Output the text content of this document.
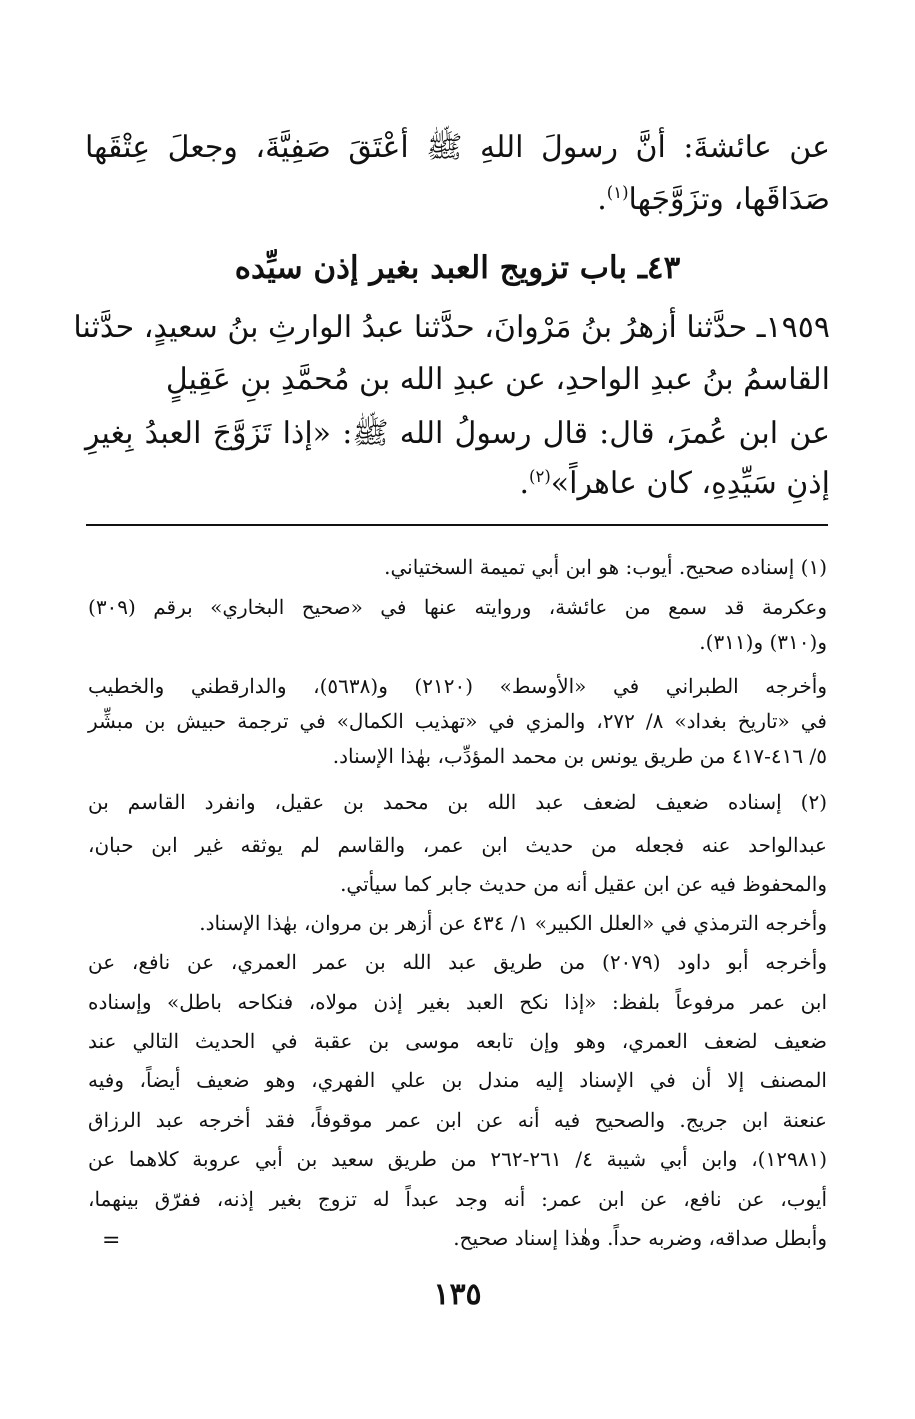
عن عائشةَ: أنَّ رسولَ اللهِ ﷺ أعْتَقَ صَفِيَّةَ، وجعلَ عِتْقَها
صَدَاقَها، وتزَوَّجَها$^{(١)}$.
٤٣ـ باب تزويج العبد بغير إذن سيِّده
١٩٥٩ـ حدَّثنا أزهرُ بنُ مَرْوانَ، حدَّثنا عبدُ الوارثِ بنُ سعيدٍ، حدَّثنا
القاسمُ بنُ عبدِ الواحدِ، عن عبدِ الله بن مُحمَّدِ بنِ عَقِيلٍ
عن ابن عُمرَ، قال: قال رسولُ الله ﷺ: «إذا تَزَوَّجَ العبدُ بِغيرِ
إذنِ سَيِّدِهِ، كان عاهراً»$^{(٢)}$.
(١) إسناده صحيح. أيوب: هو ابن أبي تميمة السختياني.
وعكرمة قد سمع من عائشة، وروايته عنها في «صحيح البخاري» برقم (٣٠٩)
و(٣١٠) و(٣١١).
وأخرجه الطبراني في «الأوسط» (٢١٢٠) و(٥٦٣٨)، والدارقطني والخطيب
في «تاريخ بغداد» ٨/ ٢٧٢، والمزي في «تهذيب الكمال» في ترجمة حبيش بن مبشِّر
٥/ ٤١٦-٤١٧ من طريق يونس بن محمد المؤدِّب، بهٰذا الإسناد.
(٢) إسناده ضعيف لضعف عبد الله بن محمد بن عقيل، وانفرد القاسم بن
عبدالواحد عنه فجعله من حديث ابن عمر، والقاسم لم يوثقه غير ابن حبان،
والمحفوظ فيه عن ابن عقيل أنه من حديث جابر كما سيأتي.
وأخرجه الترمذي في «العلل الكبير» ١/ ٤٣٤ عن أزهر بن مروان، بهٰذا الإسناد.
وأخرجه أبو داود (٢٠٧٩) من طريق عبد الله بن عمر العمري، عن نافع، عن
ابن عمر مرفوعاً بلفظ: «إذا نكح العبد بغير إذن مولاه، فنكاحه باطل» وإسناده
ضعيف لضعف العمري، وهو وإن تابعه موسى بن عقبة في الحديث التالي عند
المصنف إلا أن في الإسناد إليه مندل بن علي الفهري، وهو ضعيف أيضاً، وفيه
عنعنة ابن جريج. والصحيح فيه أنه عن ابن عمر موقوفاً، فقد أخرجه عبد الرزاق
(١٢٩٨١)، وابن أبي شيبة ٤/ ٢٦١-٢٦٢ من طريق سعيد بن أبي عروبة كلاهما عن
أيوب، عن نافع، عن ابن عمر: أنه وجد عبداً له تزوج بغير إذنه، ففرّق بينهما،
وأبطل صداقه، وضربه حداً. وهٰذا إسناد صحيح.
=
١٣٥
